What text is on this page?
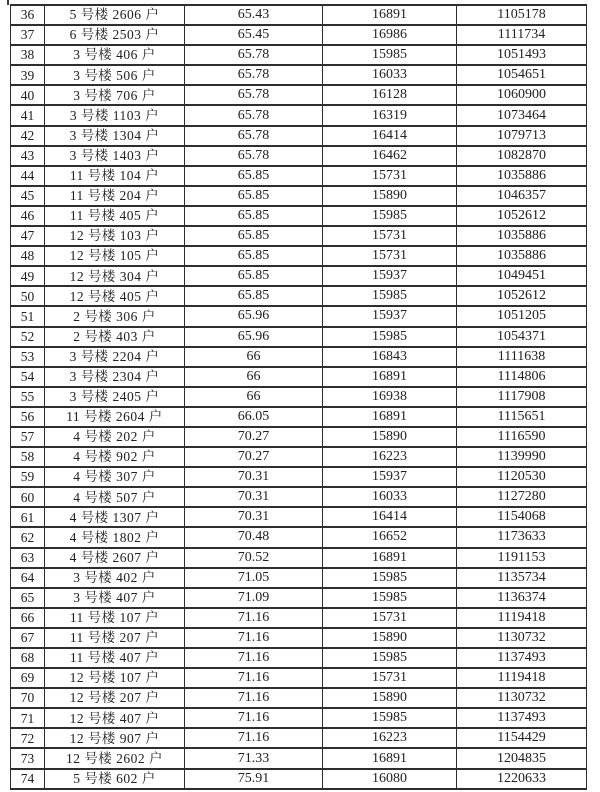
36	5 号楼 2606 户	65.43	16891	1105178
37	6 号楼 2503 户	65.45	16986	1111734
38	3 号楼 406 户	65.78	15985	1051493
39	3 号楼 506 户	65.78	16033	1054651
40	3 号楼 706 户	65.78	16128	1060900
41	3 号楼 1103 户	65.78	16319	1073464
42	3 号楼 1304 户	65.78	16414	1079713
43	3 号楼 1403 户	65.78	16462	1082870
44	11 号楼 104 户	65.85	15731	1035886
45	11 号楼 204 户	65.85	15890	1046357
46	11 号楼 405 户	65.85	15985	1052612
47	12 号楼 103 户	65.85	15731	1035886
48	12 号楼 105 户	65.85	15731	1035886
49	12 号楼 304 户	65.85	15937	1049451
50	12 号楼 405 户	65.85	15985	1052612
51	2 号楼 306 户	65.96	15937	1051205
52	2 号楼 403 户	65.96	15985	1054371
53	3 号楼 2204 户	66	16843	1111638
54	3 号楼 2304 户	66	16891	1114806
55	3 号楼 2405 户	66	16938	1117908
56	11 号楼 2604 户	66.05	16891	1115651
57	4 号楼 202 户	70.27	15890	1116590
58	4 号楼 902 户	70.27	16223	1139990
59	4 号楼 307 户	70.31	15937	1120530
60	4 号楼 507 户	70.31	16033	1127280
61	4 号楼 1307 户	70.31	16414	1154068
62	4 号楼 1802 户	70.48	16652	1173633
63	4 号楼 2607 户	70.52	16891	1191153
64	3 号楼 402 户	71.05	15985	1135734
65	3 号楼 407 户	71.09	15985	1136374
66	11 号楼 107 户	71.16	15731	1119418
67	11 号楼 207 户	71.16	15890	1130732
68	11 号楼 407 户	71.16	15985	1137493
69	12 号楼 107 户	71.16	15731	1119418
70	12 号楼 207 户	71.16	15890	1130732
71	12 号楼 407 户	71.16	15985	1137493
72	12 号楼 907 户	71.16	16223	1154429
73	12 号楼 2602 户	71.33	16891	1204835
74	5 号楼 602 户	75.91	16080	1220633
